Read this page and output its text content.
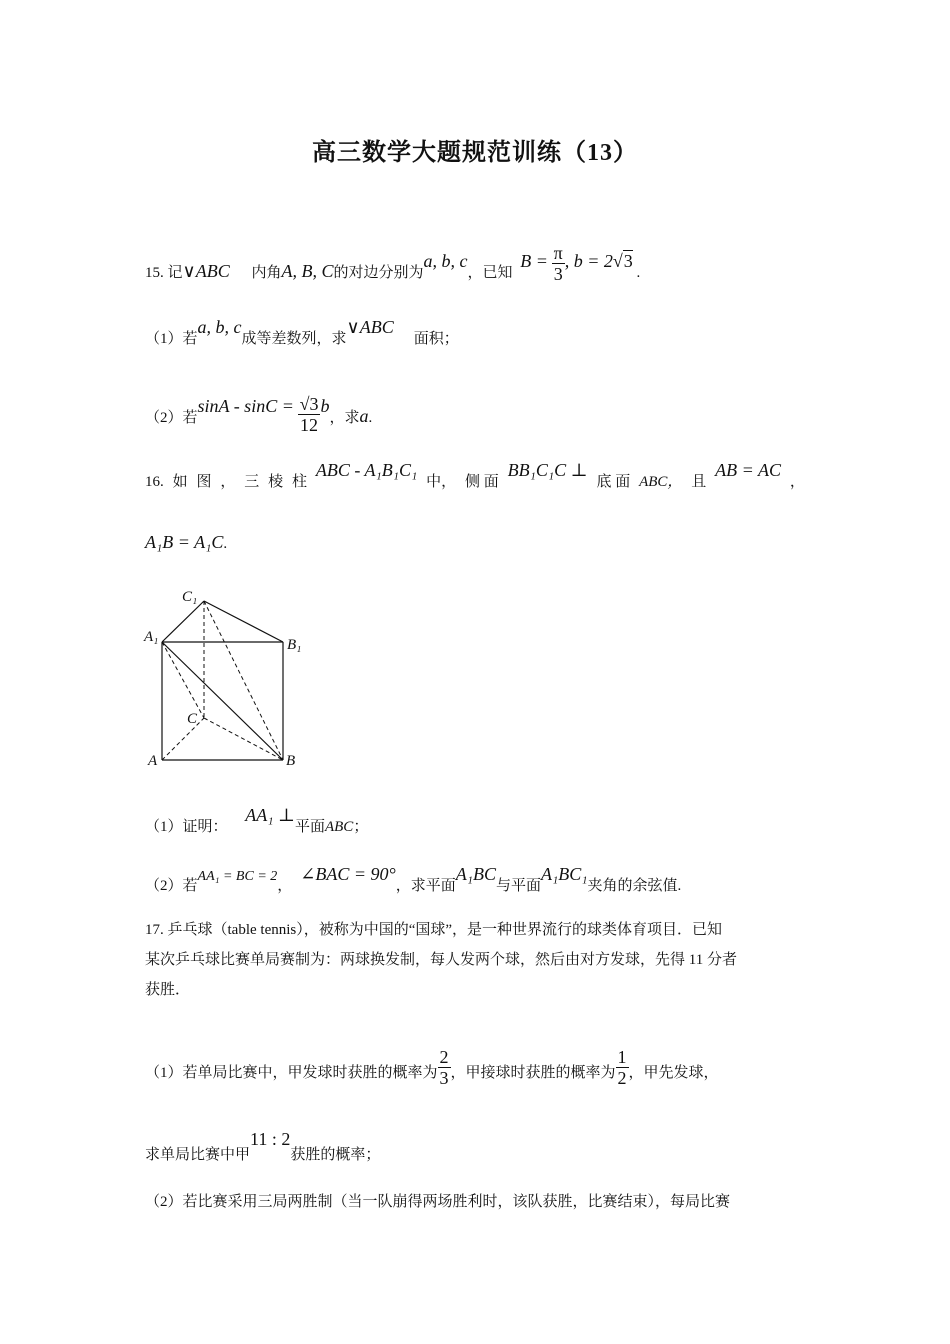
高三数学大题规范训练（13）
15. 记∨ABC 内角A, B, C的对边分别为a, b, c，已知 $B = \frac{\pi}{3}$ , b = 2√3 .
（1）若a, b, c成等差数列，求∨ABC面积；
（2）若$\sin A - \sin C = \frac{√3}{12}$ b，求a.
16. 如 图 ， 三 棱 柱
ABC - A₁B₁C₁
中， 侧 面
BB₁C₁C ⊥
底 面 ABC， 且
AB = AC
，
A₁B = A₁C.
C₁
A₁	B₁
C
A	B
（1）证明： AA₁ ⊥平面ABC；
（2）若AA₁ = BC = 2，∠BAC = 90°，求平面A₁BC与平面A₁BC₁夹角的余弦值.
17. 乒乓球（table tennis），被称为中国的“国球”，是一种世界流行的球类体育项目．已知
某次乒乓球比赛单局赛制为：两球换发制，每人发两个球，然后由对方发球，先得 11 分者
获胜．
（1）若单局比赛中，甲发球时获胜的概率为 $\frac{2}{3}$ ，甲接球时获胜的概率为 $\frac{1}{2}$ ，甲先发球，
求单局比赛中甲11 : 2获胜的概率；
（2）若比赛采用三局两胜制（当一队崩得两场胜利时，该队获胜，比赛结束），每局比赛
